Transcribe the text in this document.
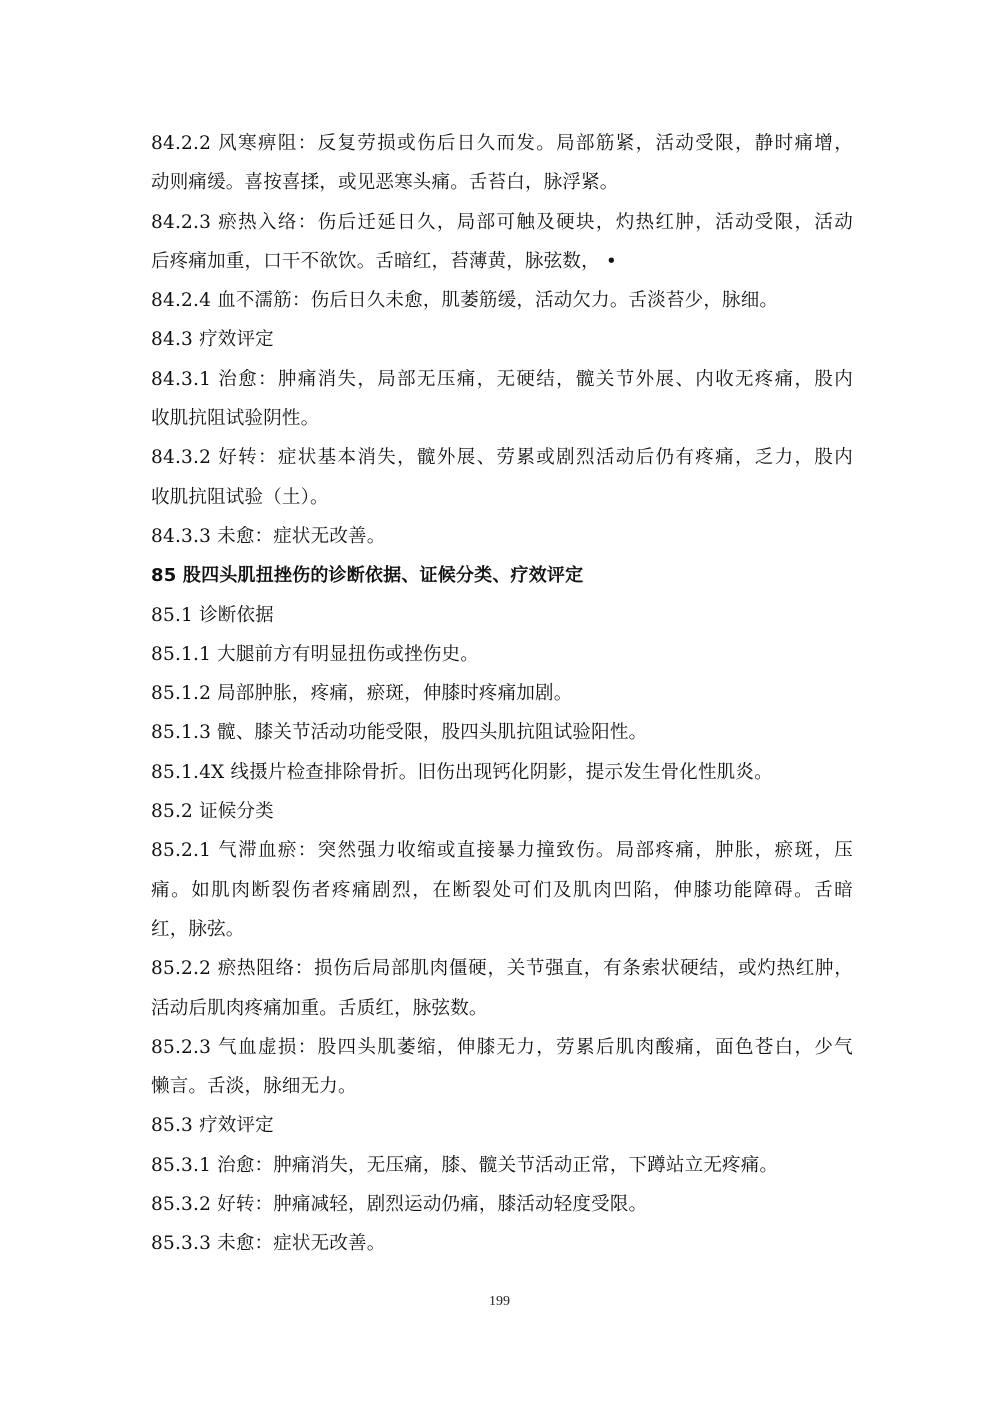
84.2.2 风寒痹阻：反复劳损或伤后日久而发。局部筋紧，活动受限，静时痛增，
动则痛缓。喜按喜揉，或见恶寒头痛。舌苔白，脉浮紧。
84.2.3 瘀热入络：伤后迁延日久，局部可触及硬块，灼热红肿，活动受限，活动
后疼痛加重，口干不欲饮。舌暗红，苔薄黄，脉弦数， •
84.2.4 血不濡筋：伤后日久未愈，肌萎筋缓，活动欠力。舌淡苔少，脉细。
84.3 疗效评定
84.3.1 治愈：肿痛消失，局部无压痛，无硬结，髋关节外展、内收无疼痛，股内
收肌抗阻试验阴性。
84.3.2 好转：症状基本消失，髋外展、劳累或剧烈活动后仍有疼痛，乏力，股内
收肌抗阻试验（土）。
84.3.3 未愈：症状无改善。
85 股四头肌扭挫伤的诊断依据、证候分类、疗效评定
85.1 诊断依据
85.1.1 大腿前方有明显扭伤或挫伤史。
85.1.2 局部肿胀，疼痛，瘀斑，伸膝时疼痛加剧。
85.1.3 髋、膝关节活动功能受限，股四头肌抗阻试验阳性。
85.1.4X 线摄片检查排除骨折。旧伤出现钙化阴影，提示发生骨化性肌炎。
85.2 证候分类
85.2.1 气滞血瘀：突然强力收缩或直接暴力撞致伤。局部疼痛，肿胀，瘀斑，压
痛。如肌肉断裂伤者疼痛剧烈，在断裂处可们及肌肉凹陷，伸膝功能障碍。舌暗
红，脉弦。
85.2.2 瘀热阻络：损伤后局部肌肉僵硬，关节强直，有条索状硬结，或灼热红肿，
活动后肌肉疼痛加重。舌质红，脉弦数。
85.2.3 气血虚损：股四头肌萎缩，伸膝无力，劳累后肌肉酸痛，面色苍白，少气
懒言。舌淡，脉细无力。
85.3 疗效评定
85.3.1 治愈：肿痛消失，无压痛，膝、髋关节活动正常，下蹲站立无疼痛。
85.3.2 好转：肿痛减轻，剧烈运动仍痛，膝活动轻度受限。
85.3.3 未愈：症状无改善。
199
